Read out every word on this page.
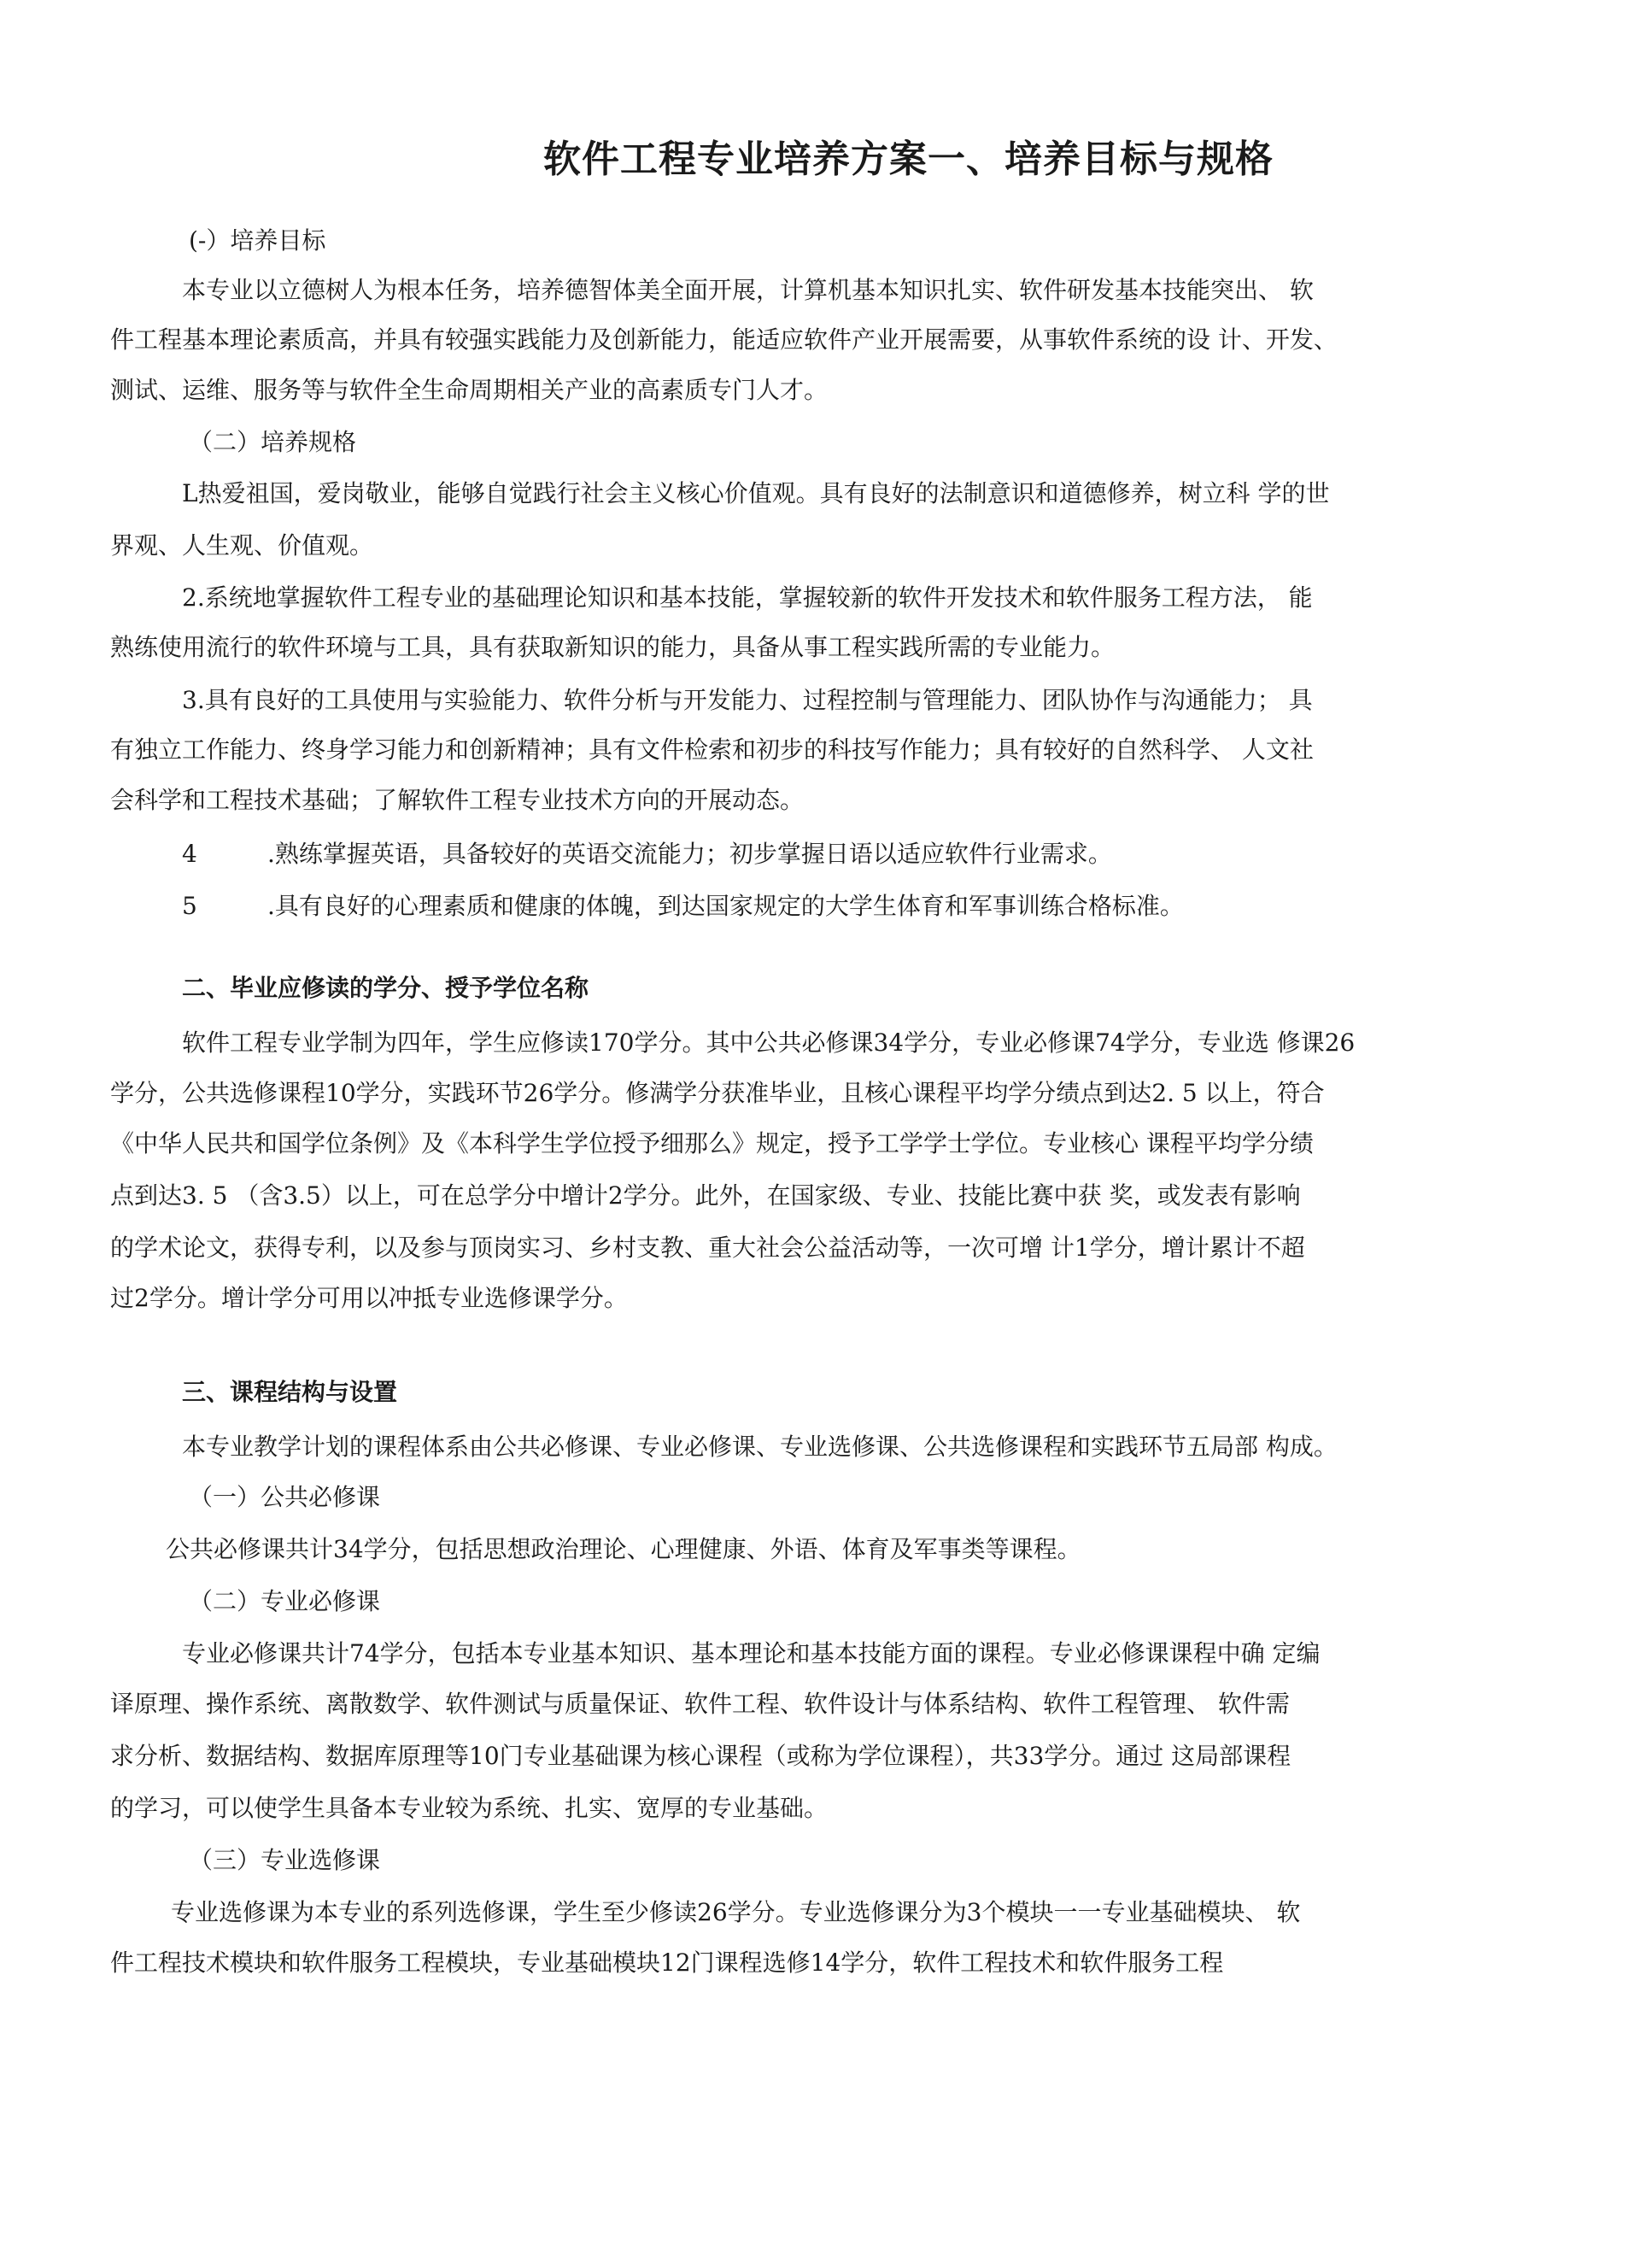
软件工程专业培养方案一、培养目标与规格

(-）培养目标

本专业以立德树人为根本任务，培养德智体美全面开展，计算机基本知识扎实、软件研发基本技能突出、 软

件工程基本理论素质高，并具有较强实践能力及创新能力，能适应软件产业开展需要，从事软件系统的设 计、开发、

测试、运维、服务等与软件全生命周期相关产业的高素质专门人才。

（二）培养规格

L热爱祖国，爱岗敬业，能够自觉践行社会主义核心价值观。具有良好的法制意识和道德修养，树立科 学的世

界观、人生观、价值观。

2.系统地掌握软件工程专业的基础理论知识和基本技能，掌握较新的软件开发技术和软件服务工程方法， 能

熟练使用流行的软件环境与工具，具有获取新知识的能力，具备从事工程实践所需的专业能力。

3.具有良好的工具使用与实验能力、软件分析与开发能力、过程控制与管理能力、团队协作与沟通能力； 具

有独立工作能力、终身学习能力和创新精神；具有文件检索和初步的科技写作能力；具有较好的自然科学、 人文社

会科学和工程技术基础；了解软件工程专业技术方向的开展动态。

4	.熟练掌握英语，具备较好的英语交流能力；初步掌握日语以适应软件行业需求。

5	.具有良好的心理素质和健康的体魄，到达国家规定的大学生体育和军事训练合格标准。

二、毕业应修读的学分、授予学位名称

软件工程专业学制为四年，学生应修读170学分。其中公共必修课34学分，专业必修课74学分，专业选 修课26

学分，公共选修课程10学分，实践环节26学分。修满学分获准毕业，且核心课程平均学分绩点到达2. 5 以上，符合

《中华人民共和国学位条例》及《本科学生学位授予细那么》规定，授予工学学士学位。专业核心 课程平均学分绩

点到达3. 5 （含3.5）以上，可在总学分中增计2学分。此外，在国家级、专业、技能比赛中获 奖，或发表有影响

的学术论文，获得专利，以及参与顶岗实习、乡村支教、重大社会公益活动等，一次可增 计1学分，增计累计不超

过2学分。增计学分可用以冲抵专业选修课学分。

三、课程结构与设置

本专业教学计划的课程体系由公共必修课、专业必修课、专业选修课、公共选修课程和实践环节五局部 构成。

（一）公共必修课

公共必修课共计34学分，包括思想政治理论、心理健康、外语、体育及军事类等课程。

（二）专业必修课

专业必修课共计74学分，包括本专业基本知识、基本理论和基本技能方面的课程。专业必修课课程中确 定编

译原理、操作系统、离散数学、软件测试与质量保证、软件工程、软件设计与体系结构、软件工程管理、 软件需

求分析、数据结构、数据库原理等10门专业基础课为核心课程（或称为学位课程），共33学分。通过 这局部课程

的学习，可以使学生具备本专业较为系统、扎实、宽厚的专业基础。

（三）专业选修课

专业选修课为本专业的系列选修课，学生至少修读26学分。专业选修课分为3个模块一一专业基础模块、 软

件工程技术模块和软件服务工程模块，专业基础模块12门课程选修14学分，软件工程技术和软件服务工程
